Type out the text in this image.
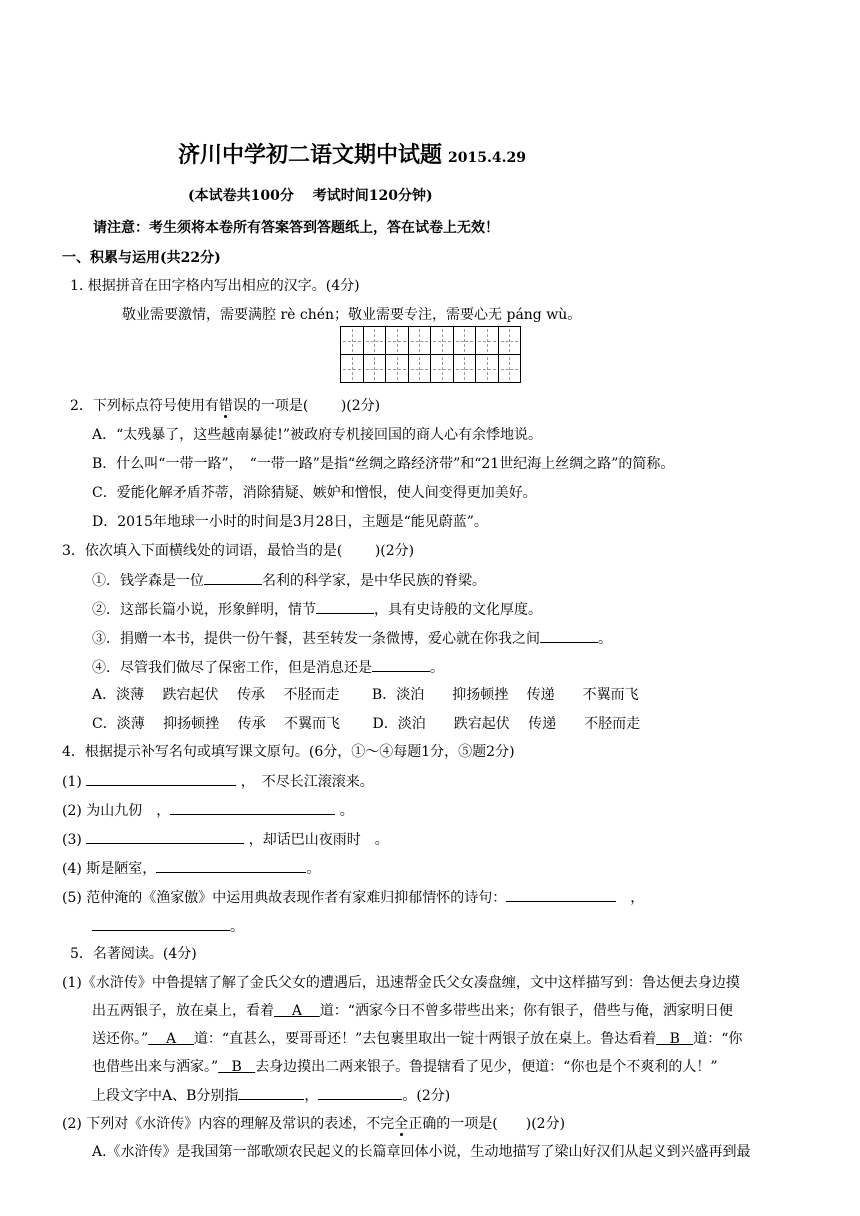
济川中学初二语文期中试题 2015.4.29
(本试卷共100分　 考试时间120分钟)
请注意：考生须将本卷所有答案答到答题纸上，答在试卷上无效！
一、积累与运用(共22分)
1. 根据拼音在田字格内写出相应的汉字。(4分)
敬业需要激情，需要满腔 rè chén；敬业需要专注，需要心无 páng wù。
2．下列标点符号使用有错误的一项是(　　 )(2分)
A．“太残暴了，这些越南暴徒!”被政府专机接回国的商人心有余悸地说。
B．什么叫“一带一路”，　“一带一路”是指“丝绸之路经济带”和“21世纪海上丝绸之路”的简称。
C．爱能化解矛盾芥蒂，消除猜疑、嫉妒和憎恨，使人间变得更加美好。
D．2015年地球一小时的时间是3月28日，主题是“能见蔚蓝”。
3．依次填入下面横线处的词语，最恰当的是(　　 )(2分)
①．钱学森是一位	名利的科学家，是中华民族的脊梁。
②．这部长篇小说，形象鲜明，情节	，具有史诗般的文化厚度。
③．捐赠一本书，提供一份午餐，甚至转发一条微博，爱心就在你我之间	。
④．尽管我们做尽了保密工作，但是消息还是	。
A．淡薄　 跌宕起伏　 传承　 不胫而走　　 B．淡泊　　抑扬顿挫　 传递　　不翼而飞
C．淡薄　 抑扬顿挫　 传承　 不翼而飞　　 D．淡泊　　跌宕起伏　 传递　　不胫而走
4．根据提示补写名句或填写课文原句。(6分，①～④每题1分，⑤题2分)
(1)	，　不尽长江滚滚来。
(2) 为山九仞　，	。
(3)	，却话巴山夜雨时　。
(4) 斯是陋室，	。
(5) 范仲淹的《渔家傲》中运用典故表现作者有家难归抑郁情怀的诗句：　	，
。
5．名著阅读。(4分)
(1)《水浒传》中鲁提辖了解了金氏父女的遭遇后，迅速帮金氏父女凑盘缠，文中这样描写到：鲁达便去身边摸
出五两银子，放在桌上，看着 A 道：“洒家今日不曾多带些出来；你有银子，借些与俺，洒家明日便
送还你。” A 道：“直甚么，要哥哥还！”去包裹里取出一锭十两银子放在桌上。鲁达看着 B 道：“你
也借些出来与洒家。” B 去身边摸出二两来银子。鲁提辖看了见少，便道：“你也是个不爽利的人！”
上段文字中A、B分别指	，	。(2分)
(2) 下列对《水浒传》内容的理解及常识的表述，不完全正确的一项是(　　)(2分)
A.《水浒传》是我国第一部歌颂农民起义的长篇章回体小说，生动地描写了梁山好汉们从起义到兴盛再到最
